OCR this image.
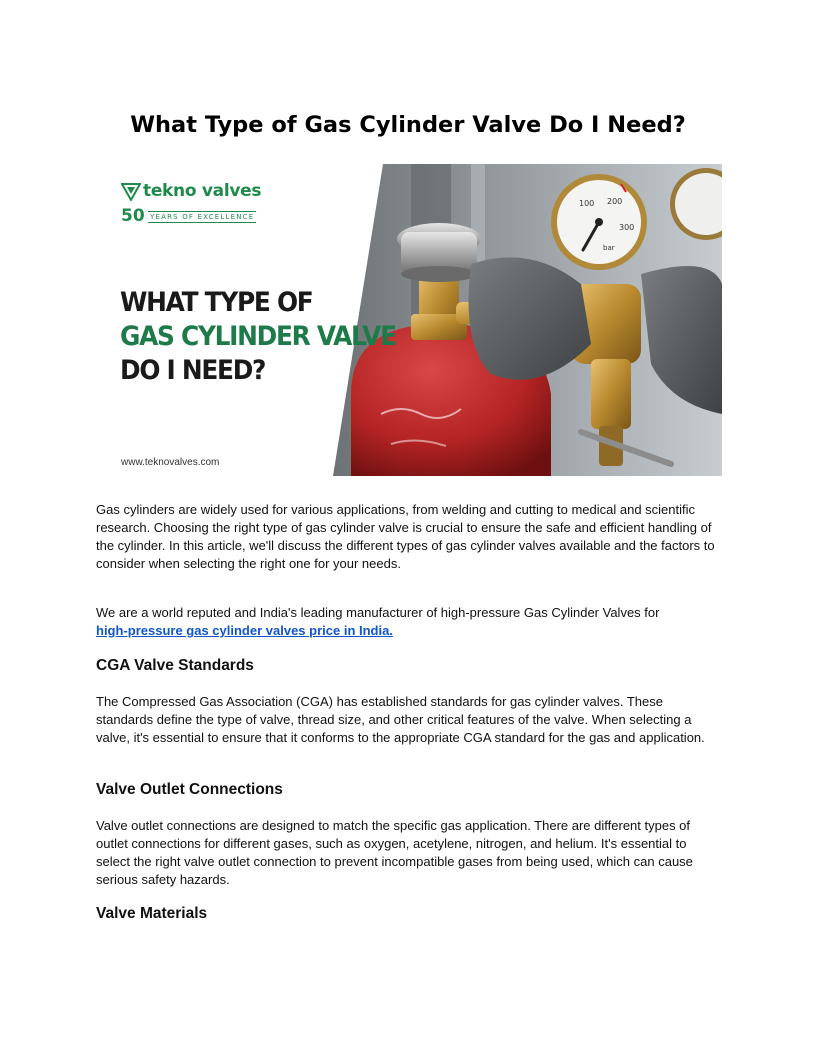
What Type of Gas Cylinder Valve Do I Need?
100 200
300
bar
tekno valves
50 YEARS OF EXCELLENCE
WHAT TYPE OF
GAS CYLINDER VALVE
DO I NEED?
www.teknovalves.com

Gas cylinders are widely used for various applications, from welding and cutting to medical and scientific research. Choosing the right type of gas cylinder valve is crucial to ensure the safe and efficient handling of the cylinder. In this article, we'll discuss the different types of gas cylinder valves available and the factors to consider when selecting the right one for your needs.

We are a world reputed and India's leading manufacturer of high-pressure Gas Cylinder Valves for
high-pressure gas cylinder valves price in India.

CGA Valve Standards

The Compressed Gas Association (CGA) has established standards for gas cylinder valves. These standards define the type of valve, thread size, and other critical features of the valve. When selecting a valve, it's essential to ensure that it conforms to the appropriate CGA standard for the gas and application.

Valve Outlet Connections

Valve outlet connections are designed to match the specific gas application. There are different types of outlet connections for different gases, such as oxygen, acetylene, nitrogen, and helium. It's essential to select the right valve outlet connection to prevent incompatible gases from being used, which can cause serious safety hazards.

Valve Materials
